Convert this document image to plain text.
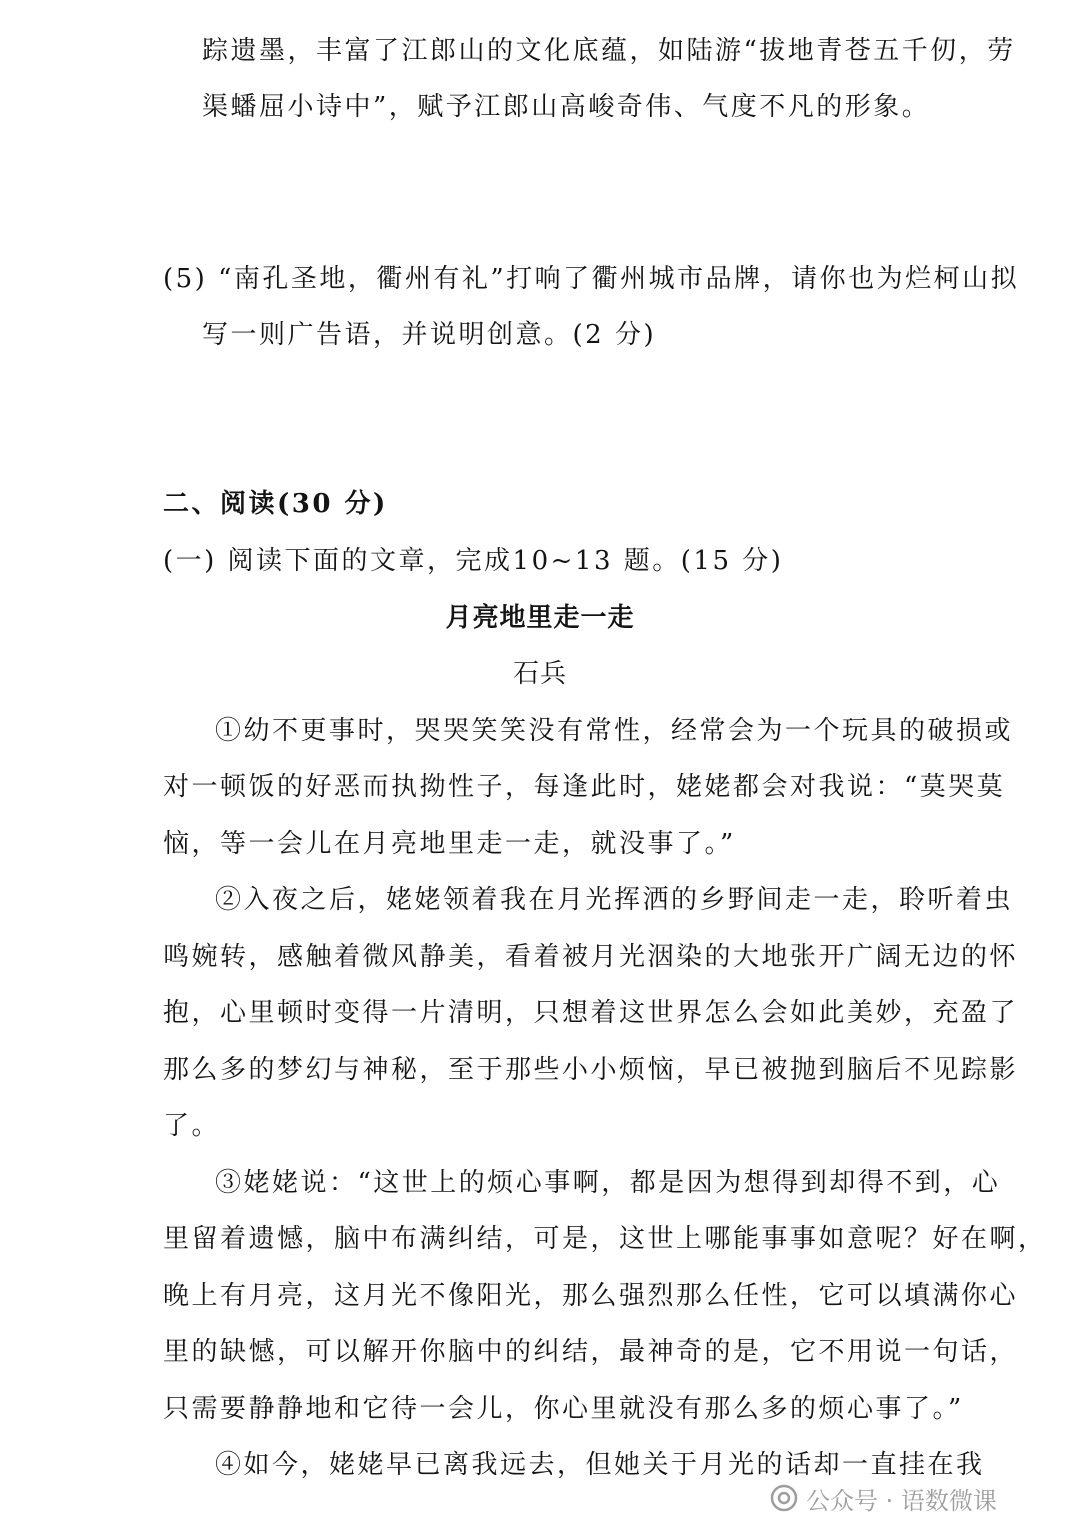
踪遗墨，丰富了江郎山的文化底蕴，如陆游“拔地青苍五千仞，劳
渠蟠屈小诗中”，赋予江郎山高峻奇伟、气度不凡的形象。
(5) “南孔圣地，衢州有礼”打响了衢州城市品牌，请你也为烂柯山拟
写一则广告语，并说明创意。(2 分)
二、阅读(30 分)
(一) 阅读下面的文章，完成10~13 题。(15 分)
月亮地里走一走
石兵
①幼不更事时，哭哭笑笑没有常性，经常会为一个玩具的破损或
对一顿饭的好恶而执拗性子，每逢此时，姥姥都会对我说：“莫哭莫
恼，等一会儿在月亮地里走一走，就没事了。”
②入夜之后，姥姥领着我在月光挥洒的乡野间走一走，聆听着虫
鸣婉转，感触着微风静美，看着被月光洇染的大地张开广阔无边的怀
抱，心里顿时变得一片清明，只想着这世界怎么会如此美妙，充盈了
那么多的梦幻与神秘，至于那些小小烦恼，早已被抛到脑后不见踪影
了。
③姥姥说：“这世上的烦心事啊，都是因为想得到却得不到，心
里留着遗憾，脑中布满纠结，可是，这世上哪能事事如意呢？好在啊，
晚上有月亮，这月光不像阳光，那么强烈那么任性，它可以填满你心
里的缺憾，可以解开你脑中的纠结，最神奇的是，它不用说一句话，
只需要静静地和它待一会儿，你心里就没有那么多的烦心事了。”
④如今，姥姥早已离我远去，但她关于月光的话却一直挂在我
公众号 · 语数微课
